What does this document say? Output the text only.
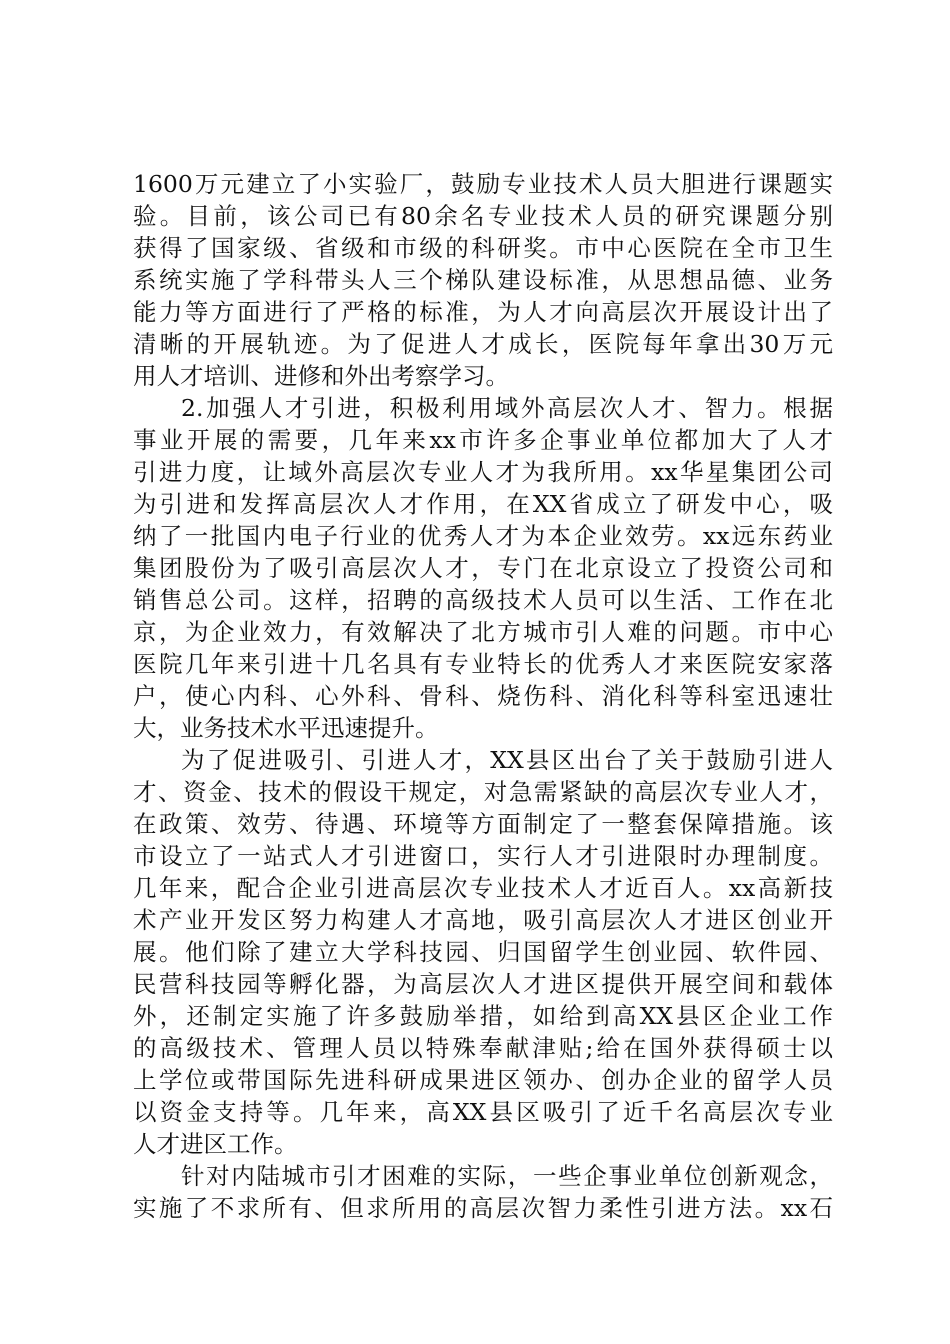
1600万元建立了小实验厂，鼓励专业技术人员大胆进行课题实
验。目前，该公司已有80余名专业技术人员的研究课题分别
获得了国家级、省级和市级的科研奖。市中心医院在全市卫生
系统实施了学科带头人三个梯队建设标准，从思想品德、业务
能力等方面进行了严格的标准，为人才向高层次开展设计出了
清晰的开展轨迹。为了促进人才成长，医院每年拿出30万元
用人才培训、进修和外出考察学习。
2.加强人才引进，积极利用域外高层次人才、智力。根据
事业开展的需要，几年来xx市许多企事业单位都加大了人才
引进力度，让域外高层次专业人才为我所用。xx华星集团公司
为引进和发挥高层次人才作用，在XX省成立了研发中心，吸
纳了一批国内电子行业的优秀人才为本企业效劳。xx远东药业
集团股份为了吸引高层次人才，专门在北京设立了投资公司和
销售总公司。这样，招聘的高级技术人员可以生活、工作在北
京，为企业效力，有效解决了北方城市引人难的问题。市中心
医院几年来引进十几名具有专业特长的优秀人才来医院安家落
户，使心内科、心外科、骨科、烧伤科、消化科等科室迅速壮
大，业务技术水平迅速提升。
为了促进吸引、引进人才，XX县区出台了关于鼓励引进人
才、资金、技术的假设干规定，对急需紧缺的高层次专业人才，
在政策、效劳、待遇、环境等方面制定了一整套保障措施。该
市设立了一站式人才引进窗口，实行人才引进限时办理制度。
几年来，配合企业引进高层次专业技术人才近百人。xx高新技
术产业开发区努力构建人才高地，吸引高层次人才进区创业开
展。他们除了建立大学科技园、归国留学生创业园、软件园、
民营科技园等孵化器，为高层次人才进区提供开展空间和载体
外，还制定实施了许多鼓励举措，如给到高XX县区企业工作
的高级技术、管理人员以特殊奉献津贴;给在国外获得硕士以
上学位或带国际先进科研成果进区领办、创办企业的留学人员
以资金支持等。几年来，高XX县区吸引了近千名高层次专业
人才进区工作。
针对内陆城市引才困难的实际，一些企事业单位创新观念，
实施了不求所有、但求所用的高层次智力柔性引进方法。xx石
